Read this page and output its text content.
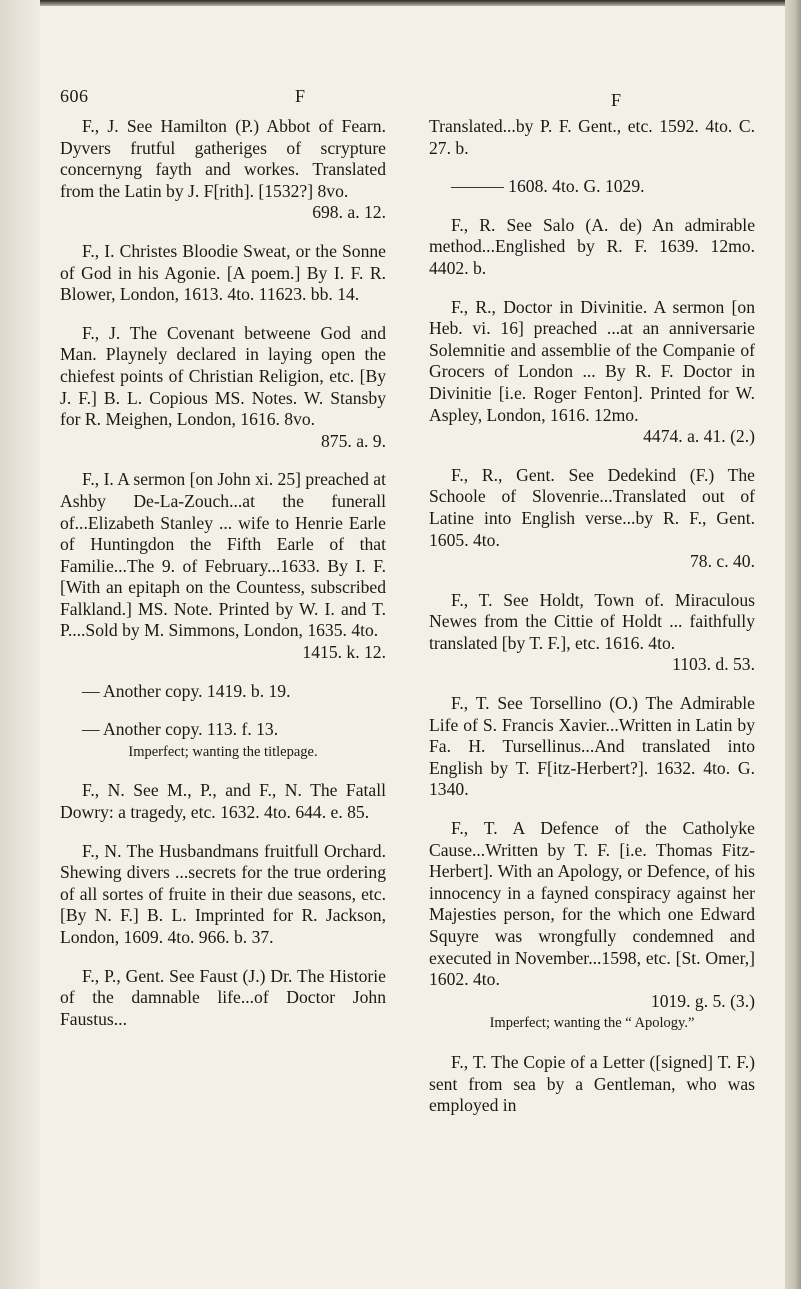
606	F	F
F., J. See Hamilton (P.) Abbot of Fearn. Dyvers frutful gatheriges of scrypture concernyng fayth and workes. Translated from the Latin by J. F[rith]. [1532?] 8vo.
698. a. 12.
F., I. Christes Bloodie Sweat, or the Sonne of God in his Agonie. [A poem.] By I. F. R. Blower, London, 1613. 4to. 11623. bb. 14.
F., J. The Covenant betweene God and Man. Playnely declared in laying open the chiefest points of Christian Religion, etc. [By J. F.] B. L. Copious MS. Notes. W. Stansby for R. Meighen, London, 1616. 8vo.
875. a. 9.
F., I. A sermon [on John xi. 25] preached at Ashby De-La-Zouch...at the funerall of...Elizabeth Stanley ... wife to Henrie Earle of Huntingdon the Fifth Earle of that Familie...The 9. of February...1633. By I. F. [With an epitaph on the Countess, subscribed Falkland.] MS. Note. Printed by W. I. and T. P....Sold by M. Simmons, London, 1635. 4to.
1415. k. 12.
— Another copy. 1419. b. 19.
— Another copy. 113. f. 13.
Imperfect; wanting the titlepage.
F., N. See M., P., and F., N. The Fatall Dowry: a tragedy, etc. 1632. 4to. 644. e. 85.
F., N. The Husbandmans fruitfull Orchard. Shewing divers ...secrets for the true ordering of all sortes of fruite in their due seasons, etc. [By N. F.] B. L. Imprinted for R. Jackson, London, 1609. 4to. 966. b. 37.
F., P., Gent. See Faust (J.) Dr. The Historie of the damnable life...of Doctor John Faustus...
Translated...by P. F. Gent., etc. 1592. 4to. C. 27. b.
——— 1608. 4to. G. 1029.
F., R. See Salo (A. de) An admirable method...Englished by R. F. 1639. 12mo. 4402. b.
F., R., Doctor in Divinitie. A sermon [on Heb. vi. 16] preached ...at an anniversarie Solemnitie and assemblie of the Companie of Grocers of London ... By R. F. Doctor in Divinitie [i.e. Roger Fenton]. Printed for W. Aspley, London, 1616. 12mo.
4474. a. 41. (2.)
F., R., Gent. See Dedekind (F.) The Schoole of Slovenrie...Translated out of Latine into English verse...by R. F., Gent. 1605. 4to.
78. c. 40.
F., T. See Holdt, Town of. Miraculous Newes from the Cittie of Holdt ... faithfully translated [by T. F.], etc. 1616. 4to.
1103. d. 53.
F., T. See Torsellino (O.) The Admirable Life of S. Francis Xavier...Written in Latin by Fa. H. Tursellinus...And translated into English by T. F[itz-Herbert?]. 1632. 4to. G. 1340.
F., T. A Defence of the Catholyke Cause...Written by T. F. [i.e. Thomas Fitz-Herbert]. With an Apology, or Defence, of his innocency in a fayned conspiracy against her Majesties person, for the which one Edward Squyre was wrongfully condemned and executed in November...1598, etc. [St. Omer,] 1602. 4to.
1019. g. 5. (3.)
Imperfect; wanting the “ Apology.”
F., T. The Copie of a Letter ([signed] T. F.) sent from sea by a Gentleman, who was employed in
